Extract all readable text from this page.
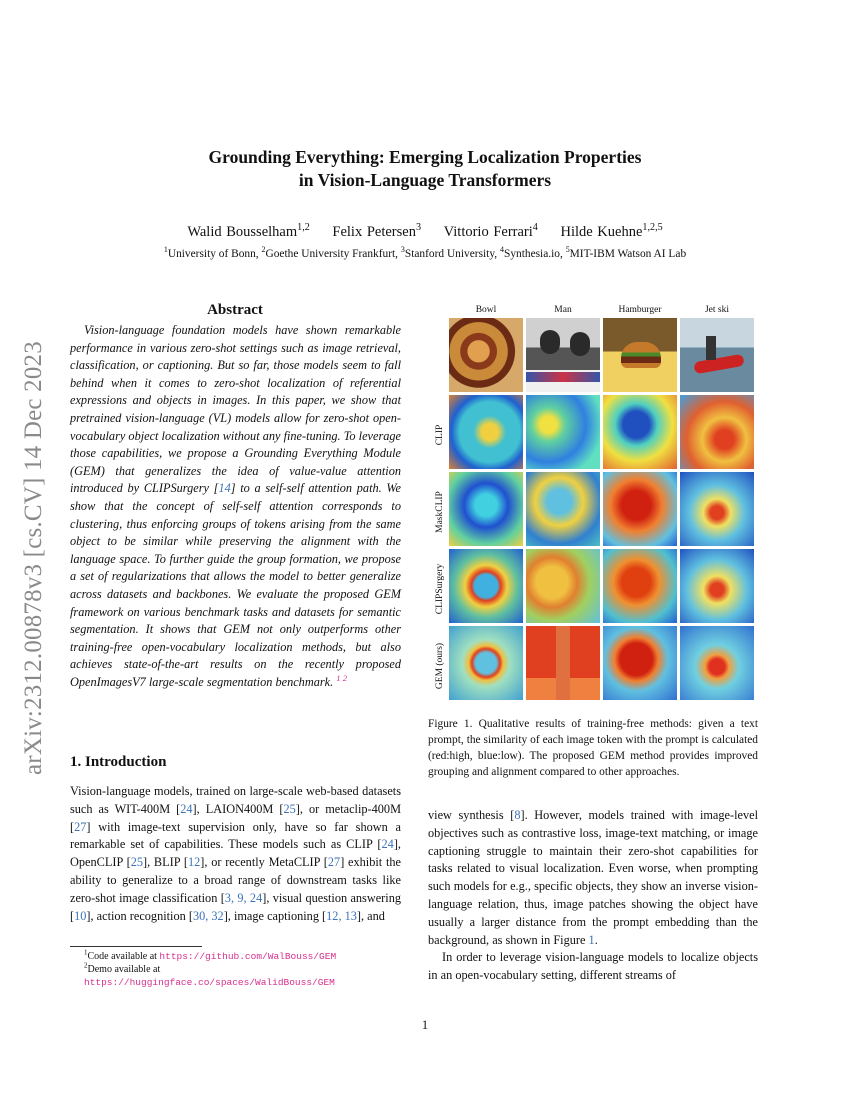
arXiv:2312.00878v3 [cs.CV] 14 Dec 2023
Grounding Everything: Emerging Localization Properties
in Vision-Language Transformers
Walid Bousselham$^{1,2}$ Felix Petersen$^3$ Vittorio Ferrari$^4$ Hilde Kuehne$^{1,2,5}$
$^1$University of Bonn, $^2$Goethe University Frankfurt, $^3$Stanford University, $^4$Synthesia.io, $^5$MIT-IBM Watson AI Lab
Abstract
Vision-language foundation models have shown remarkable performance in various zero-shot settings such as image retrieval, classification, or captioning. But so far, those models seem to fall behind when it comes to zero-shot localization of referential expressions and objects in images. In this paper, we show that pretrained vision-language (VL) models allow for zero-shot open-vocabulary object localization without any fine-tuning. To leverage those capabilities, we propose a Grounding Everything Module (GEM) that generalizes the idea of value-value attention introduced by CLIPSurgery [14] to a self-self attention path. We show that the concept of self-self attention corresponds to clustering, thus enforcing groups of tokens arising from the same object to be similar while preserving the alignment with the language space. To further guide the group formation, we propose a set of regularizations that allows the model to better generalize across datasets and backbones. We evaluate the proposed GEM framework on various benchmark tasks and datasets for semantic segmentation. It shows that GEM not only outperforms other training-free open-vocabulary localization methods, but also achieves state-of-the-art results on the recently proposed OpenImagesV7 large-scale segmentation benchmark. $^{1 2}$
Bowl	Man	Hamburger	Jet ski
CLIP
MaskCLIP
CLIPSurgery
GEM (ours)
Figure 1. Qualitative results of training-free methods: given a text prompt, the similarity of each image token with the prompt is calculated (red:high, blue:low). The proposed GEM method provides improved grouping and alignment compared to other approaches.
1. Introduction
Vision-language models, trained on large-scale web-based datasets such as WIT-400M [24], LAION400M [25], or metaclip-400M [27] with image-text supervision only, have so far shown a remarkable set of capabilities. These models such as CLIP [24], OpenCLIP [25], BLIP [12], or recently MetaCLIP [27] exhibit the ability to generalize to a broad range of downstream tasks like zero-shot image classification [3, 9, 24], visual question answering [10], action recognition [30, 32], image captioning [12, 13], and

view synthesis [8]. However, models trained with image-level objectives such as contrastive loss, image-text matching, or image captioning struggle to maintain their zero-shot capabilities for tasks related to visual localization. Even worse, when prompting such models for e.g., specific objects, they show an inverse vision-language relation, thus, image patches showing the object have usually a larger distance from the prompt embedding than the background, as shown in Figure 1.

In order to leverage vision-language models to localize objects in an open-vocabulary setting, different streams of

$^1$Code available at https://github.com/WalBouss/GEM
$^2$Demo available at https://huggingface.co/spaces/WalidBouss/GEM
1
